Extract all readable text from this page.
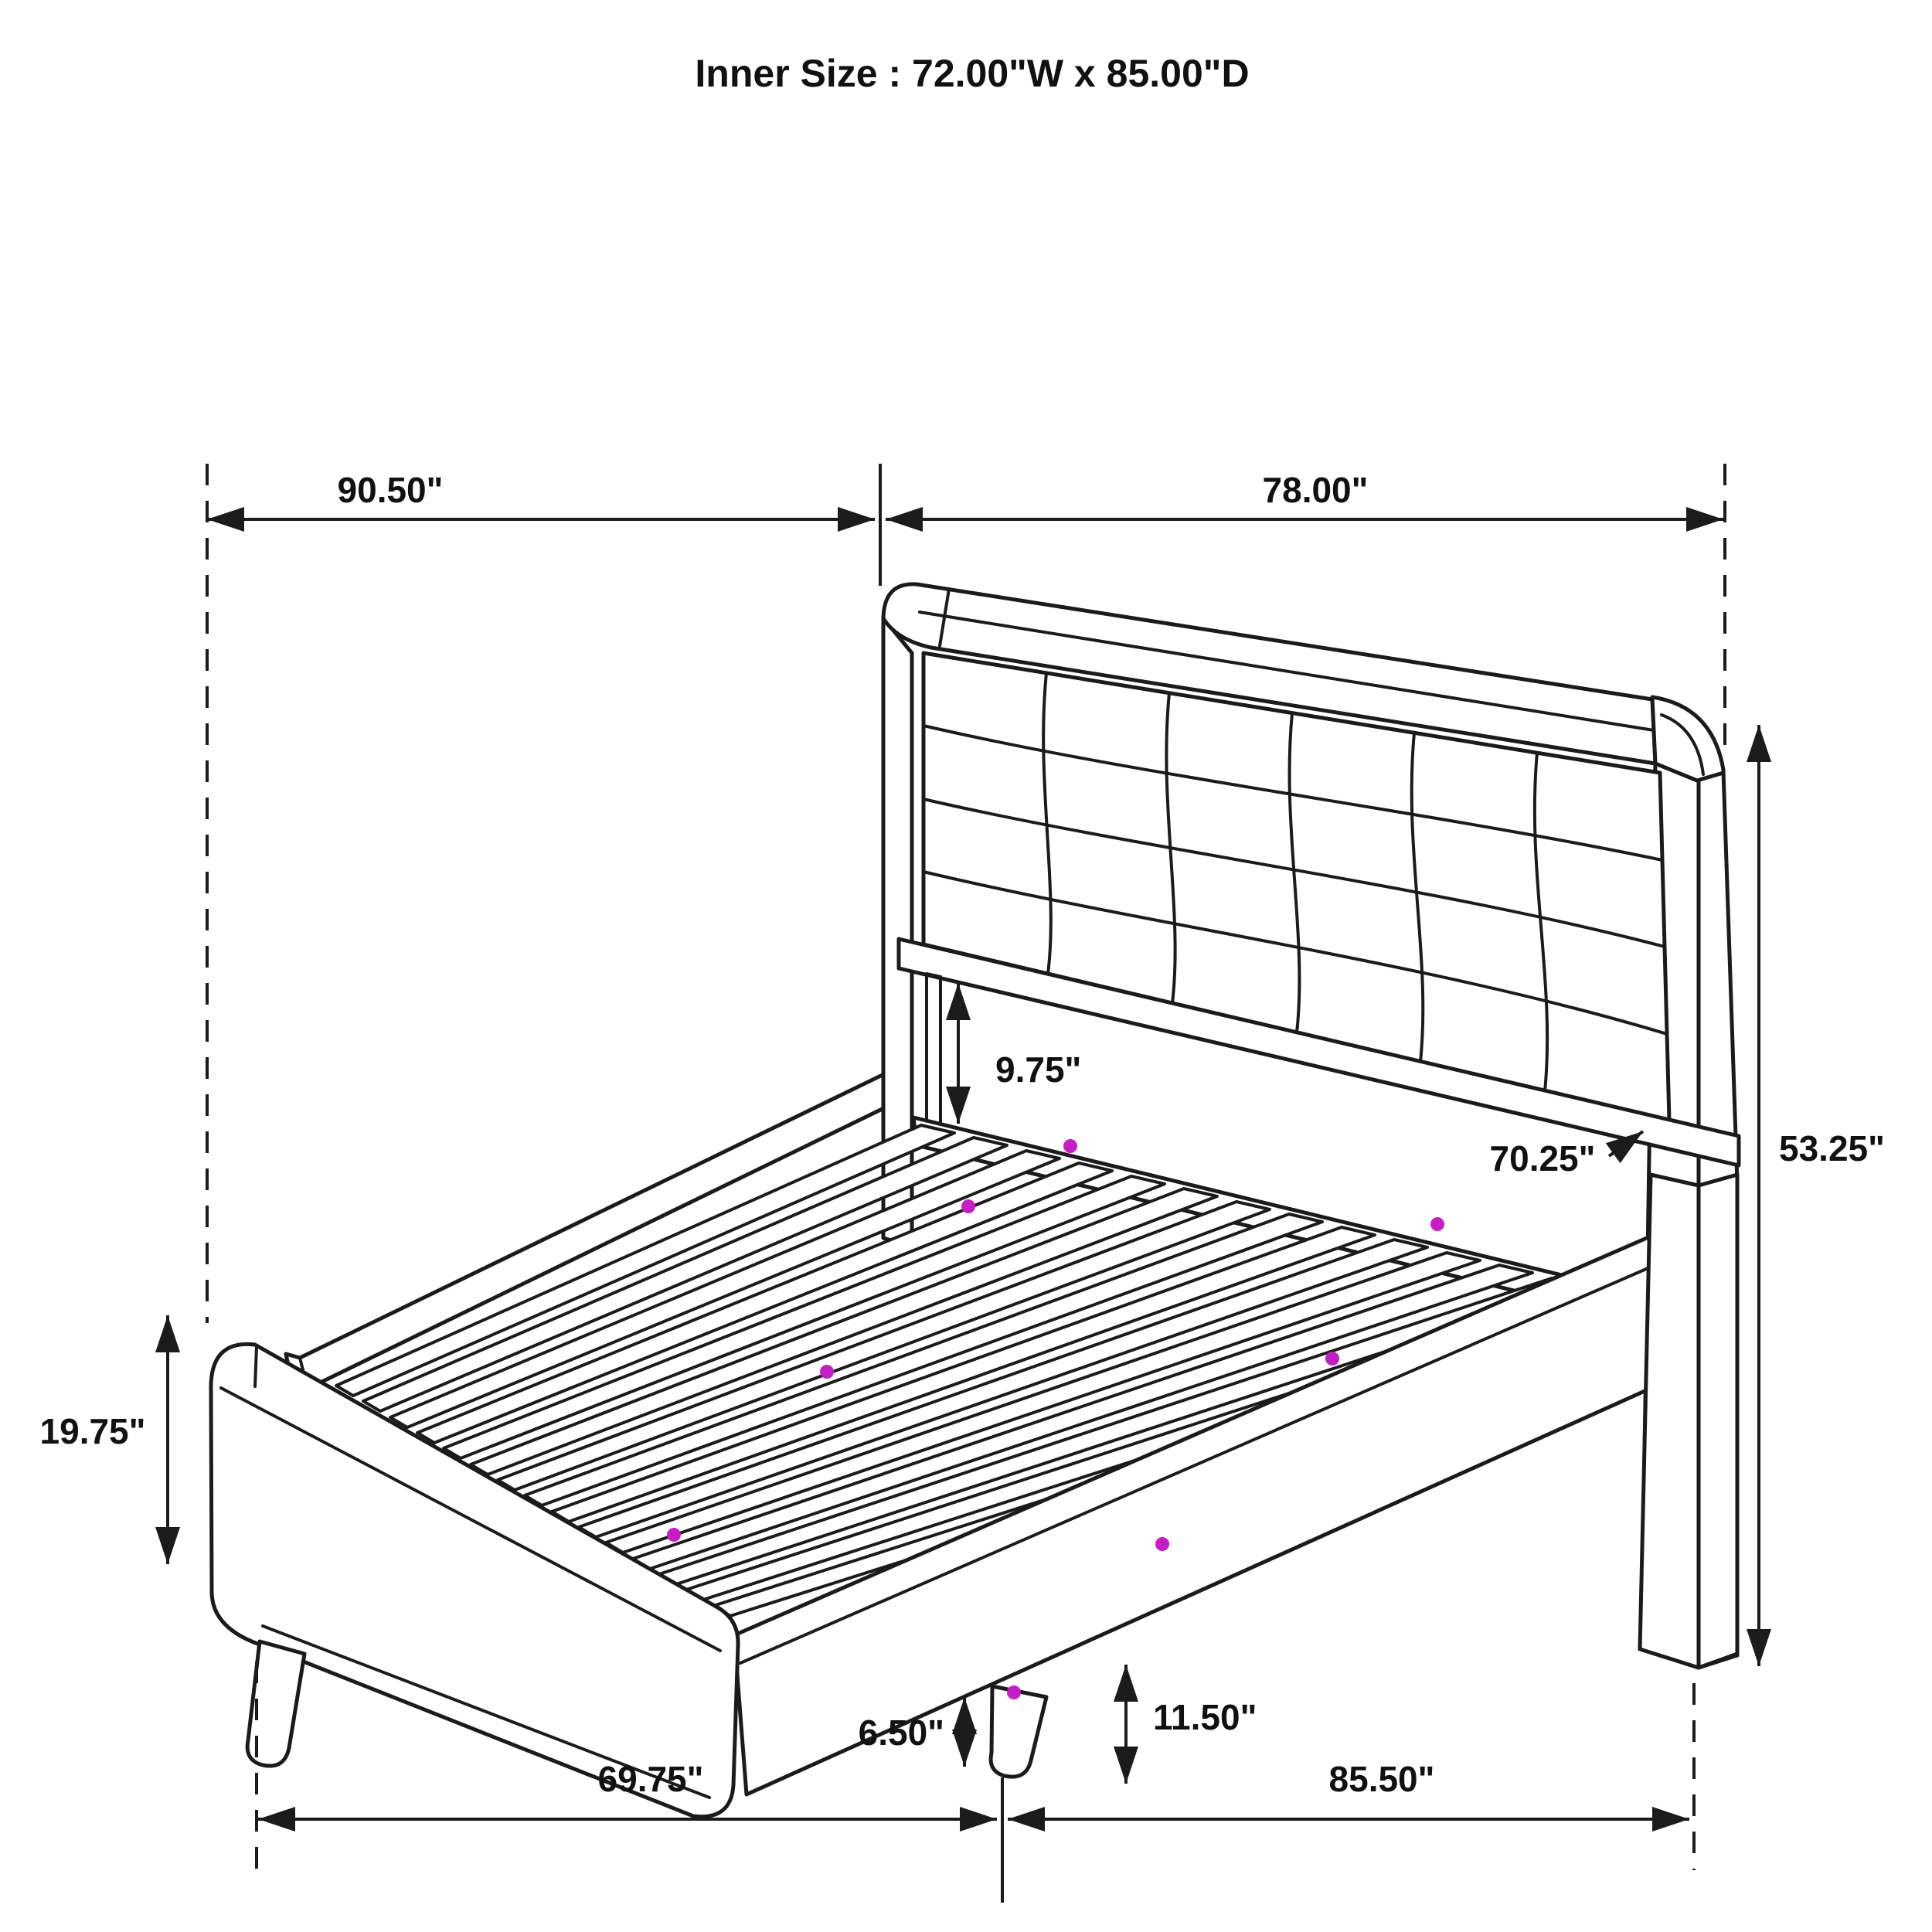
90.50"	78.00"
53.25"
9.75"
70.25"
19.75"
11.50"
6.50"
69.75"	85.50"
Inner Size : 72.00"W x 85.00"D
